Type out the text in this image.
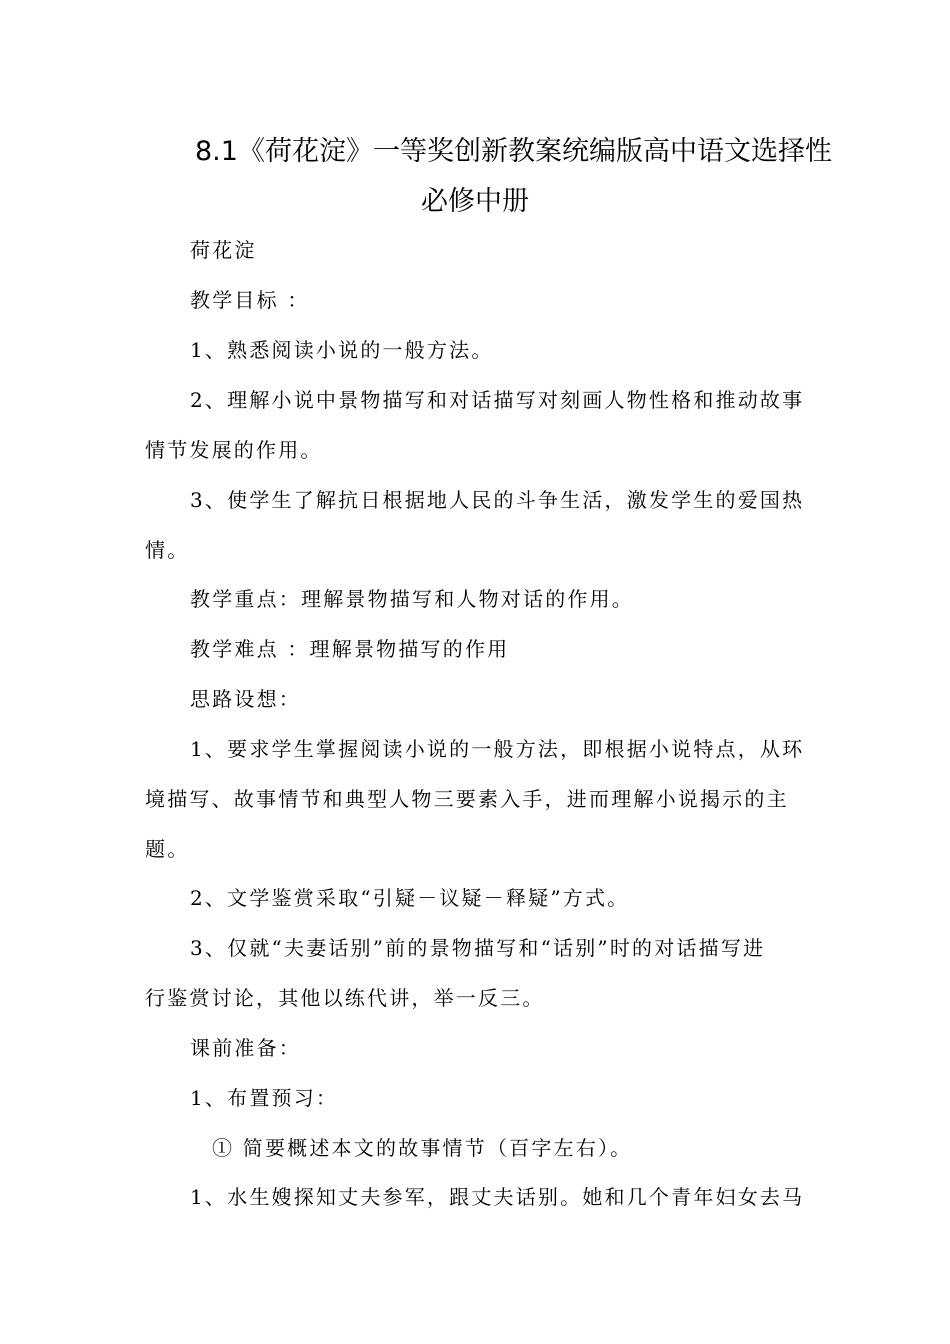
8.1《荷花淀》一等奖创新教案统编版高中语文选择性
必修中册
荷花淀
教学目标 ：
1、熟悉阅读小说的一般方法。
2、理解小说中景物描写和对话描写对刻画人物性格和推动故事
情节发展的作用。
3、使学生了解抗日根据地人民的斗争生活，激发学生的爱国热
情。
教学重点：理解景物描写和人物对话的作用。
教学难点 ：理解景物描写的作用
思路设想：
1、要求学生掌握阅读小说的一般方法，即根据小说特点，从环
境描写、故事情节和典型人物三要素入手，进而理解小说揭示的主
题。
2、文学鉴赏采取“引疑－议疑－释疑”方式。
3、仅就“夫妻话别”前的景物描写和“话别”时的对话描写进
行鉴赏讨论，其他以练代讲，举一反三。
课前准备：
1、布置预习：
① 简要概述本文的故事情节（百字左右）。
1、水生嫂探知丈夫参军，跟丈夫话别。她和几个青年妇女去马
